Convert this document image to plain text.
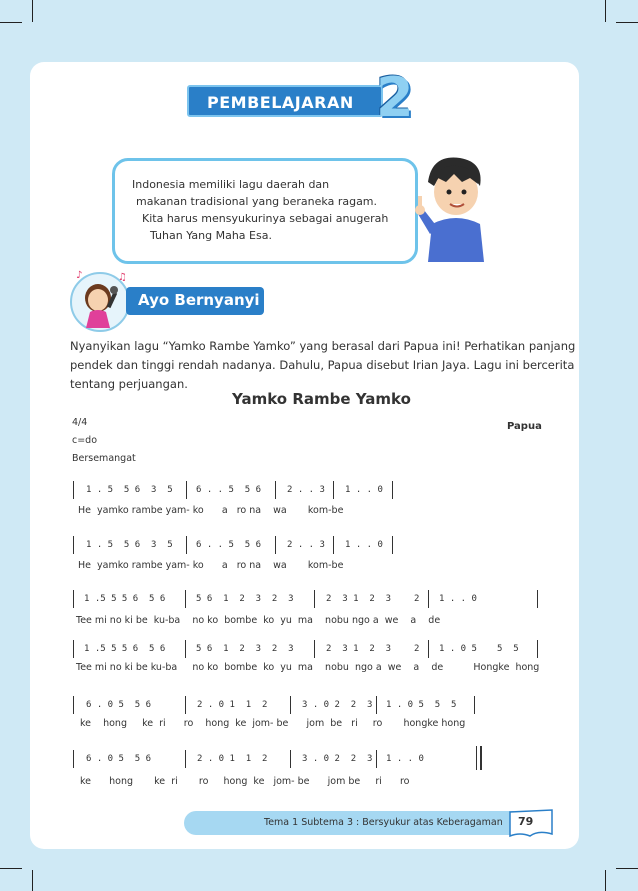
PEMBELAJARAN 2
Indonesia memiliki lagu daerah dan
makanan tradisional yang beraneka ragam.
Kita harus mensyukurinya sebagai anugerah
Tuhan Yang Maha Esa.
♪	♫
Ayo Bernyanyi
Nyanyikan lagu “Yamko Rambe Yamko” yang berasal dari Papua ini! Perhatikan panjang
pendek dan tinggi rendah nadanya. Dahulu, Papua disebut Irian Jaya. Lagu ini bercerita
tentang perjuangan.
Yamko Rambe Yamko
4/4
c=do
Bersemangat
Papua
1 . 5  5 6  3  5	6 . . 5  5 6	2 . . 3 1 . . 0
He  yamko rambe yam- ko      a   ro na    wa       kom-be
1 . 5  5 6  3  5	6 . . 5  5 6	2 . . 3 1 . . 0
He  yamko rambe yam- ko      a   ro na    wa       kom-be
1 .5 5 5 6  5 6	5 6  1  2  3  2  3	2  3 1  2  3	2 1 . . 0
Tee mi no ki be  ku-ba    no ko  bombe  ko  yu  ma    nobu ngo a  we    a    de
1 .5 5 5 6  5 6	5 6  1  2  3  2  3	2  3 1  2  3	2 1 . 0 5 5  5
Tee mi no ki be ku-ba     no ko  bombe  ko  yu  ma    nobu  ngo a  we    a    de          Hongke  hong
6 . 0 5  5 6	2 . 0 1  1  2	3 . 0 2  2  3 1 . 0 5  5  5
ke    hong     ke  ri      ro    hong  ke  jom- be      jom  be   ri     ro       hongke hong
6 . 0 5  5 6	2 . 0 1  1  2	3 . 0 2  2  3 1 . . 0
ke      hong       ke  ri       ro     hong  ke   jom- be      jom be     ri      ro
Tema 1 Subtema 3 : Bersyukur atas Keberagaman 79
